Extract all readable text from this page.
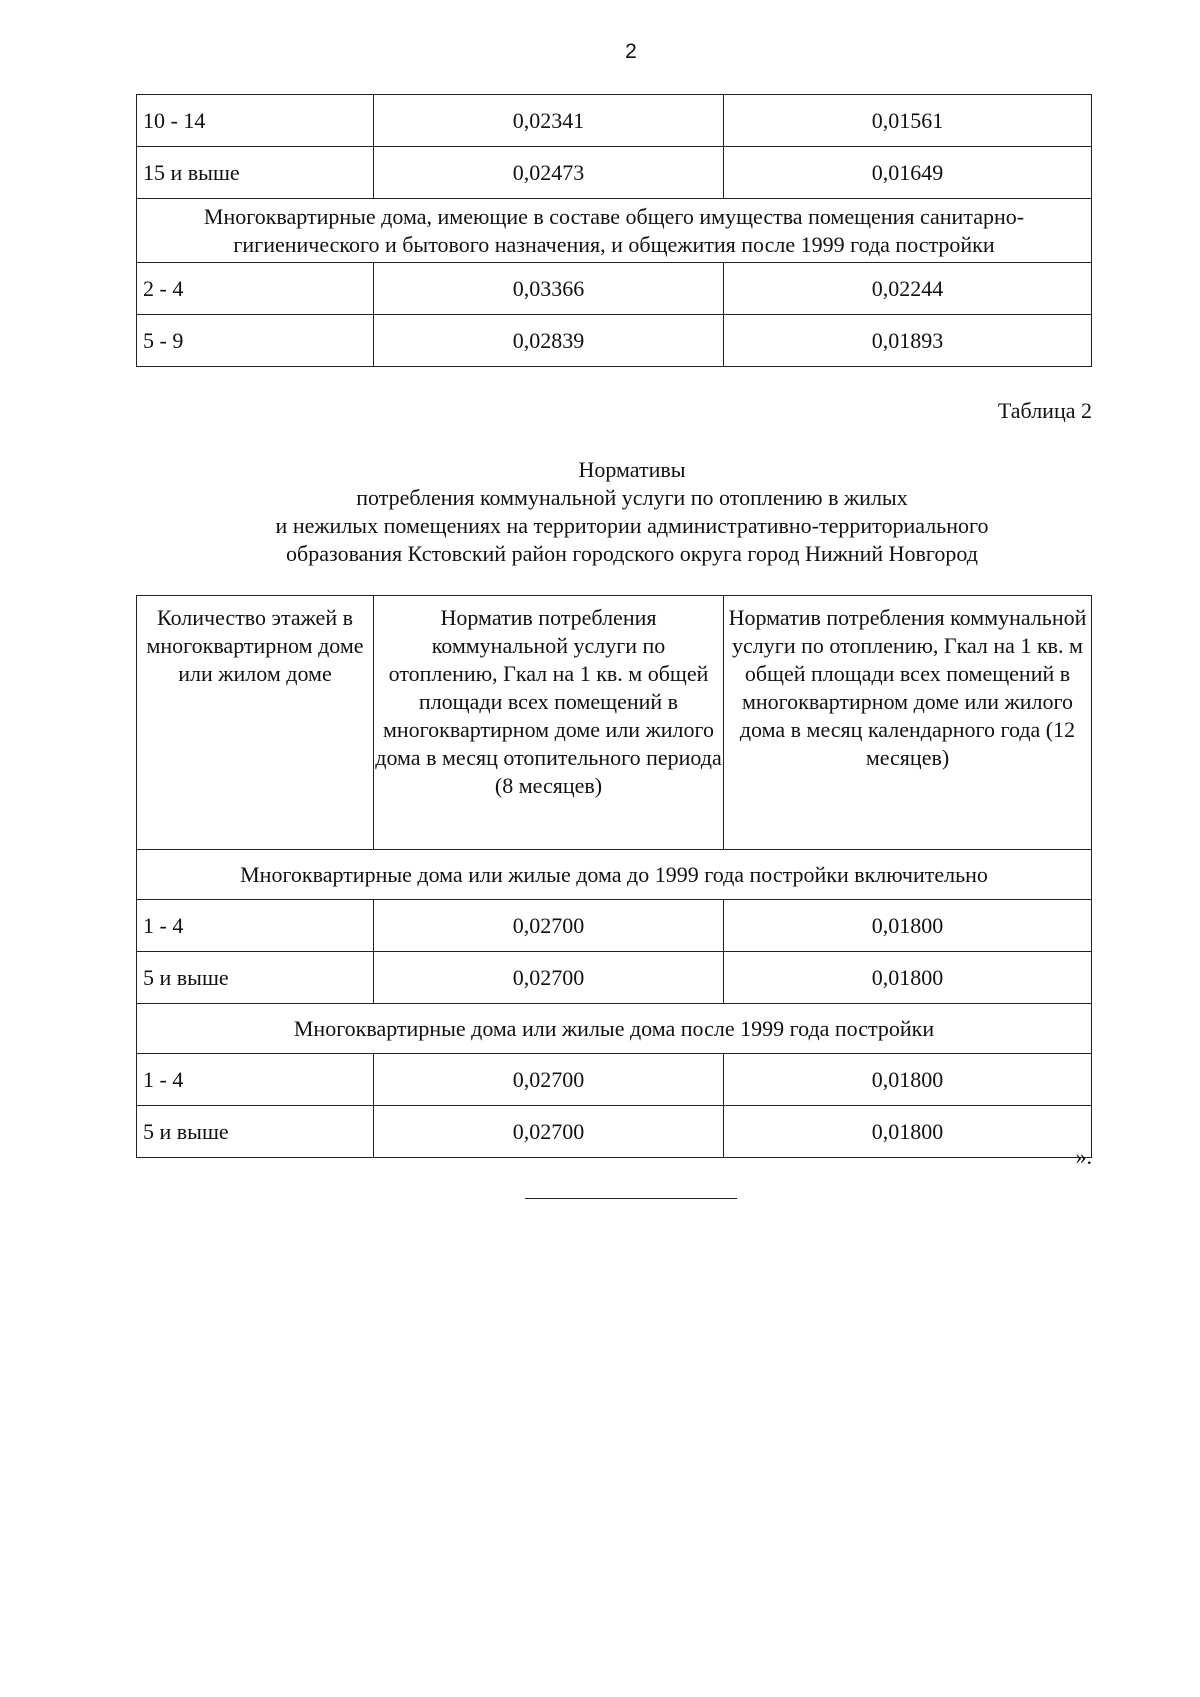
2
10 - 14	0,02341	0,01561
15 и выше	0,02473	0,01649
Многоквартирные дома, имеющие в составе общего имущества помещения санитарно-гигиенического и бытового назначения, и общежития после 1999 года постройки		
2 - 4	0,03366	0,02244
5 - 9	0,02839	0,01893
Таблица 2
Нормативы
потребления коммунальной услуги по отоплению в жилых
и нежилых помещениях на территории административно-территориального
образования Кстовский район городского округа город Нижний Новгород
Количество этажей в многоквартирном доме или жилом доме	Норматив потребления коммунальной услуги по отоплению, Гкал на 1 кв. м общей площади всех помещений в многоквартирном доме или жилого дома в месяц отопительного периода (8 месяцев)	Норматив потребления коммунальной услуги по отоплению, Гкал на 1 кв. м общей площади всех помещений в многоквартирном доме или жилого дома в месяц календарного года (12 месяцев)
Многоквартирные дома или жилые дома до 1999 года постройки включительно		
1 - 4	0,02700	0,01800
5 и выше	0,02700	0,01800
Многоквартирные дома или жилые дома после 1999 года постройки		
1 - 4	0,02700	0,01800
5 и выше	0,02700	0,01800
».
